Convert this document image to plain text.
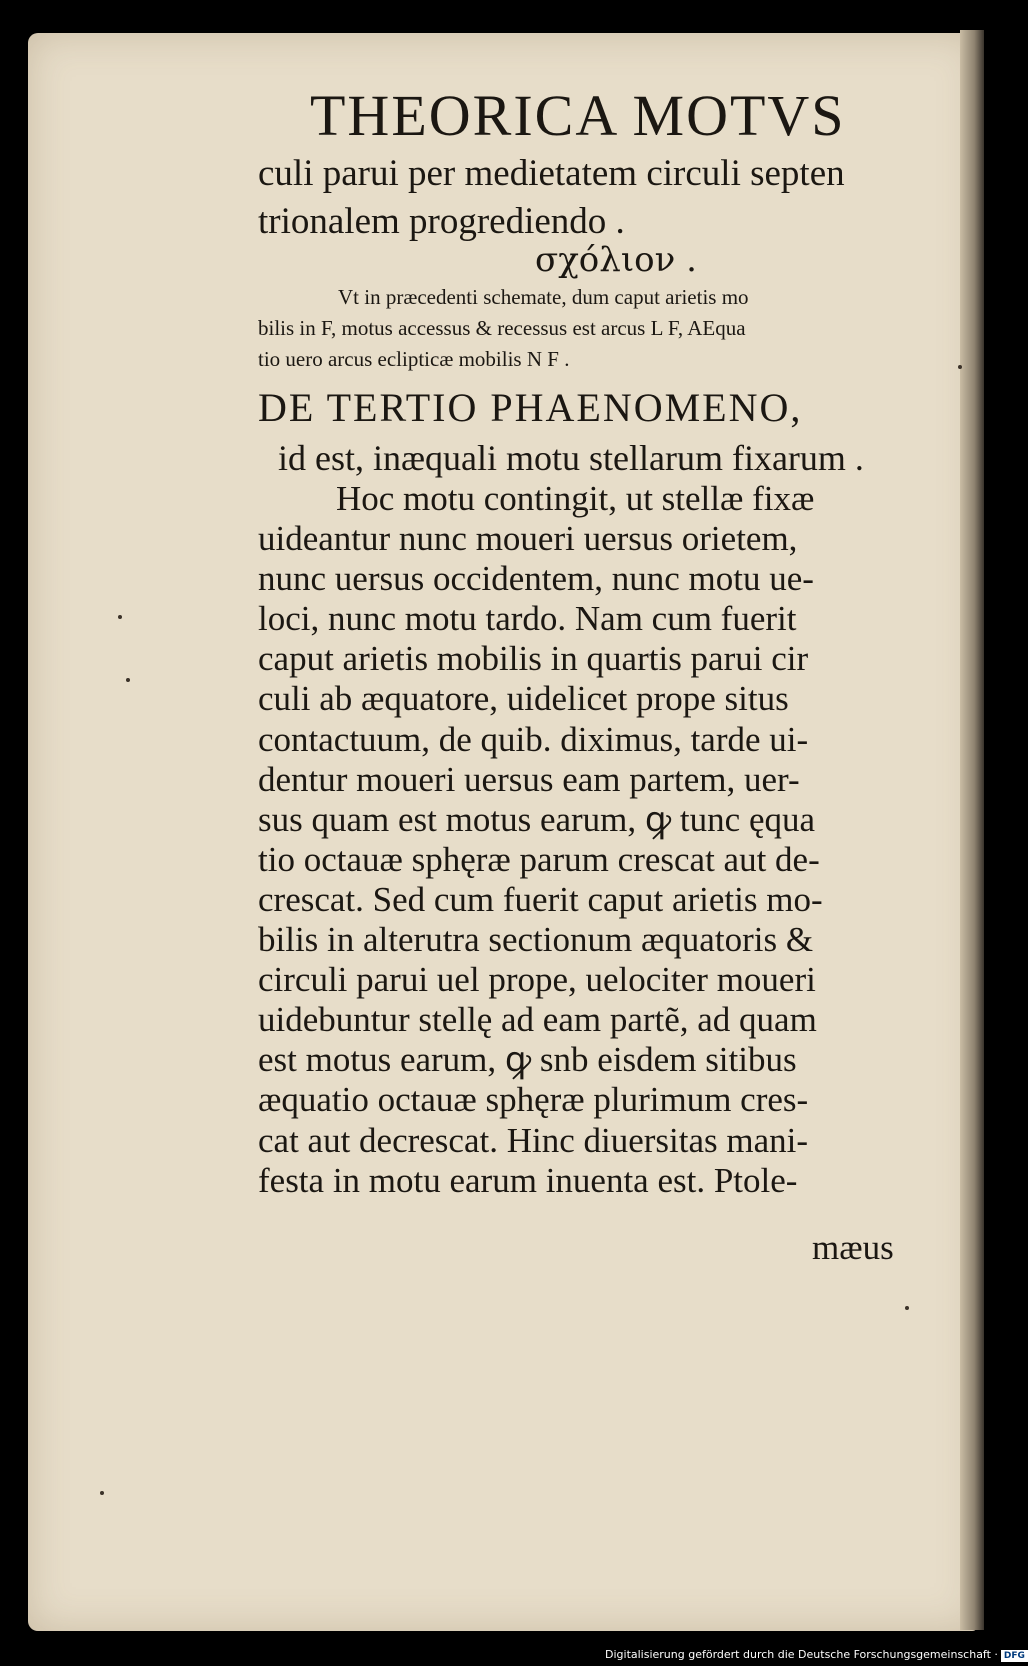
THEORICA MOTVS
culi parui per medietatem circuli septen
trionalem progrediendo .
σχόλιον .
Vt in præcedenti schemate, dum caput arietis mo
bilis in F, motus accessus & recessus est arcus L F, AEqua
tio uero arcus eclipticæ mobilis N F .
DE TERTIO PHAENOMENO,
id est, inæquali motu stellarum fixarum .
Hoc motu contingit, ut stellæ fixæ
uideantur nunc moueri uersus orietem,
nunc uersus occidentem, nunc motu ue-
loci, nunc motu tardo. Nam cum fuerit
caput arietis mobilis in quartis parui cir
culi ab æquatore, uidelicet prope situs
contactuum, de quib. diximus, tarde ui-
dentur moueri uersus eam partem, uer-
sus quam est motus earum, ꝙ tunc ęqua
tio octauæ sphęræ parum crescat aut de-
crescat. Sed cum fuerit caput arietis mo-
bilis in alterutra sectionum æquatoris &
circuli parui uel prope, uelociter moueri
uidebuntur stellę ad eam partẽ, ad quam
est motus earum, ꝙ snb eisdem sitibus
æquatio octauæ sphęræ plurimum cres-
cat aut decrescat. Hinc diuersitas mani-
festa in motu earum inuenta est. Ptole-
mæus
Digitalisierung gefördert durch die Deutsche Forschungsgemeinschaft · DFG
